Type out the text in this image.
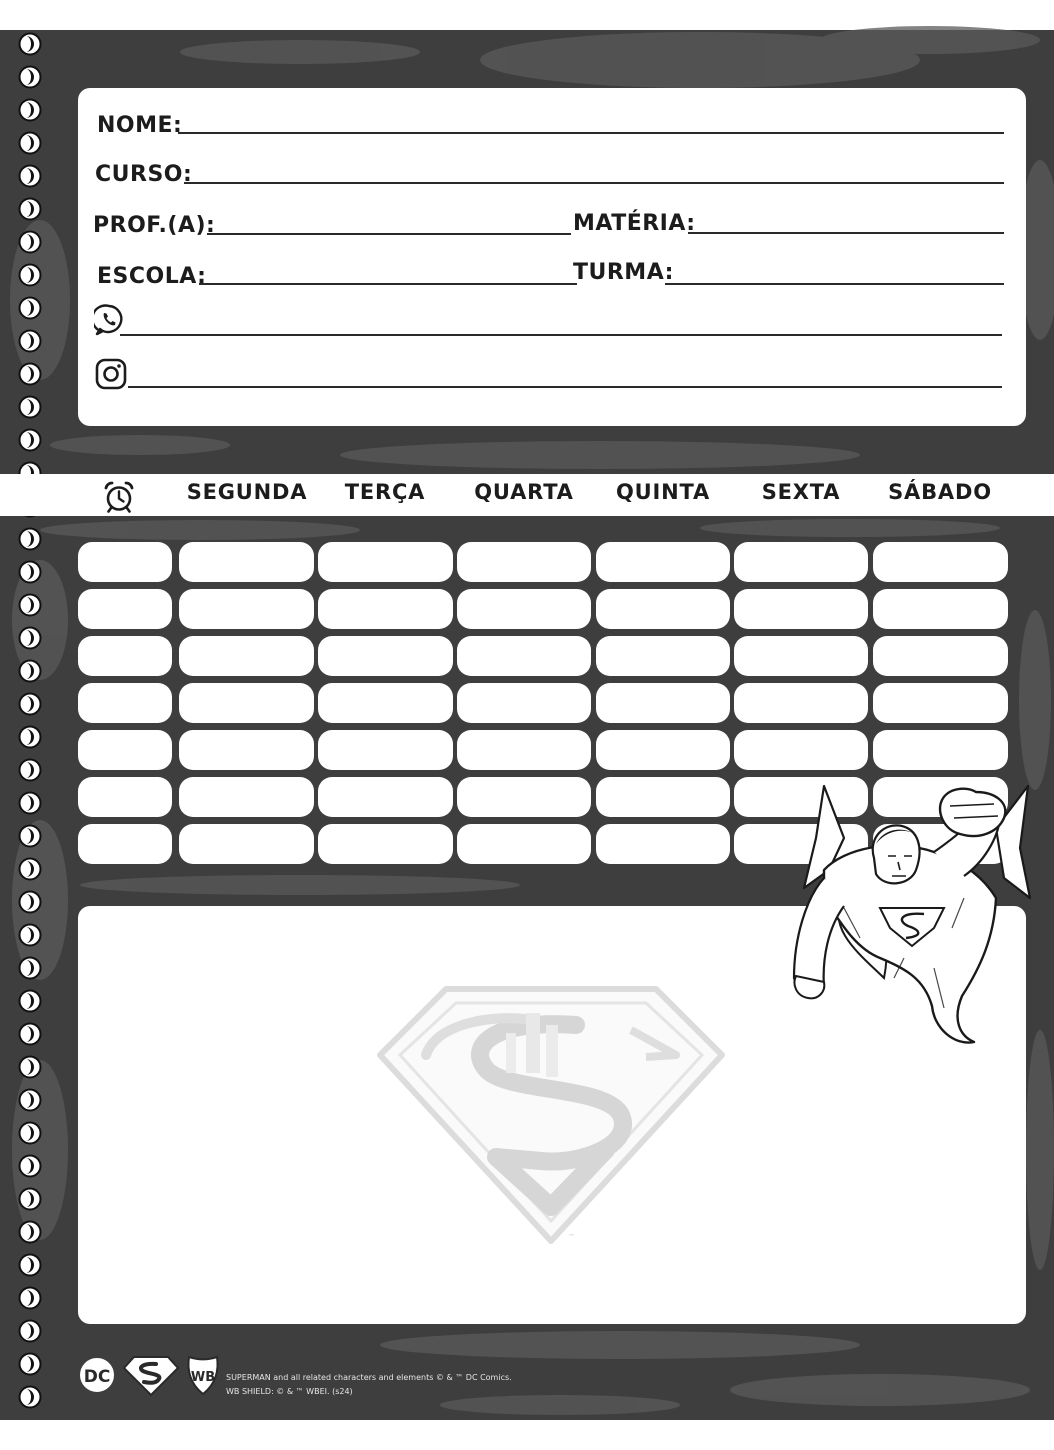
NOME:
CURSO:
PROF.(A):	MATÉRIA:
ESCOLA:	TURMA:
SEGUNDA	TERÇA	QUARTA	QUINTA	SEXTA	SÁBADO
™
DC	WB SUPERMAN and all related characters and elements © & ™ DC Comics.
WB SHIELD: © & ™ WBEI. (s24)
